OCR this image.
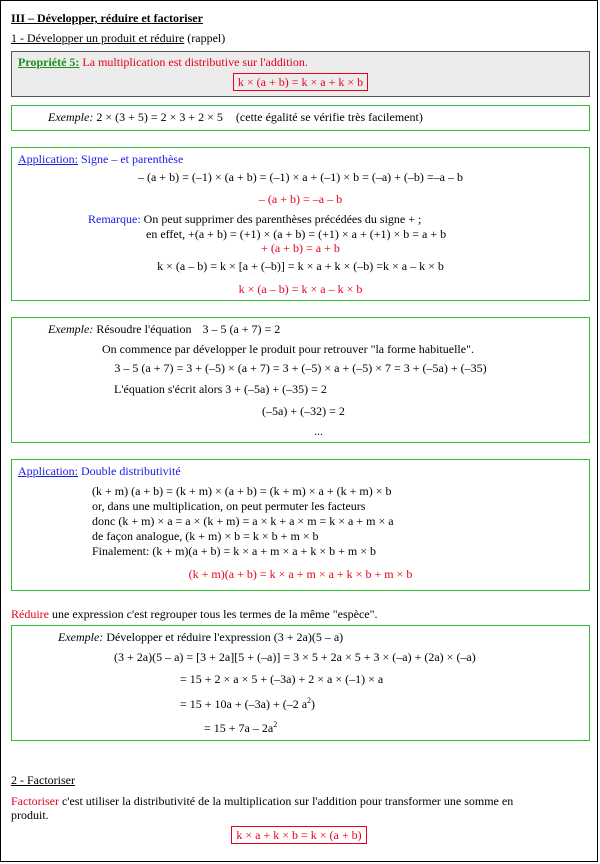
III – Développer, réduire et factoriser
1 - Développer un produit et réduire (rappel)
Propriété 5: La multiplication est distributive sur l'addition.
k × (a + b) = k × a + k × b
Exemple: 2 × (3 + 5) = 2 × 3 + 2 × 5 (cette égalité se vérifie très facilement)
Application: Signe – et parenthèse
– (a + b) = (–1) × (a + b) = (–1) × a + (–1) × b = (–a) + (–b) =–a – b
– (a + b) = –a – b
Remarque: On peut supprimer des parenthèses précédées du signe + ;
en effet, +(a + b) = (+1) × (a + b) = (+1) × a + (+1) × b = a + b
+ (a + b) = a + b
k × (a – b) = k × [a + (–b)] = k × a + k × (–b) =k × a – k × b
k × (a – b) = k × a – k × b
Exemple: Résoudre l'équation 3 – 5 (a + 7) = 2
On commence par développer le produit pour retrouver "la forme habituelle".
3 – 5 (a + 7) = 3 + (–5) × (a + 7) = 3 + (–5) × a + (–5) × 7 = 3 + (–5a) + (–35)
L'équation s'écrit alors 3 + (–5a) + (–35) = 2
(–5a) + (–32) = 2
...
Application: Double distributivité
(k + m) (a + b) = (k + m) × (a + b) = (k + m) × a + (k + m) × b
or, dans une multiplication, on peut permuter les facteurs
donc (k + m) × a = a × (k + m) = a × k + a × m = k × a + m × a
de façon analogue, (k + m) × b = k × b + m × b
Finalement: (k + m)(a + b) = k × a + m × a + k × b + m × b
(k + m)(a + b) = k × a + m × a + k × b + m × b
Réduire une expression c'est regrouper tous les termes de la même "espèce".
Exemple: Développer et réduire l'expression (3 + 2a)(5 – a)
(3 + 2a)(5 – a) = [3 + 2a][5 + (–a)] = 3 × 5 + 2a × 5 + 3 × (–a) + (2a) × (–a)
= 15 + 2 × a × 5 + (–3a) + 2 × a × (–1) × a
= 15 + 10a + (–3a) + (–2 $a^2$)
= $15 + 7a - 2a^2$
2 - Factoriser
Factoriser c'est utiliser la distributivité de la multiplication sur l'addition pour transformer une somme en
produit.
k × a + k × b = k × (a + b)
